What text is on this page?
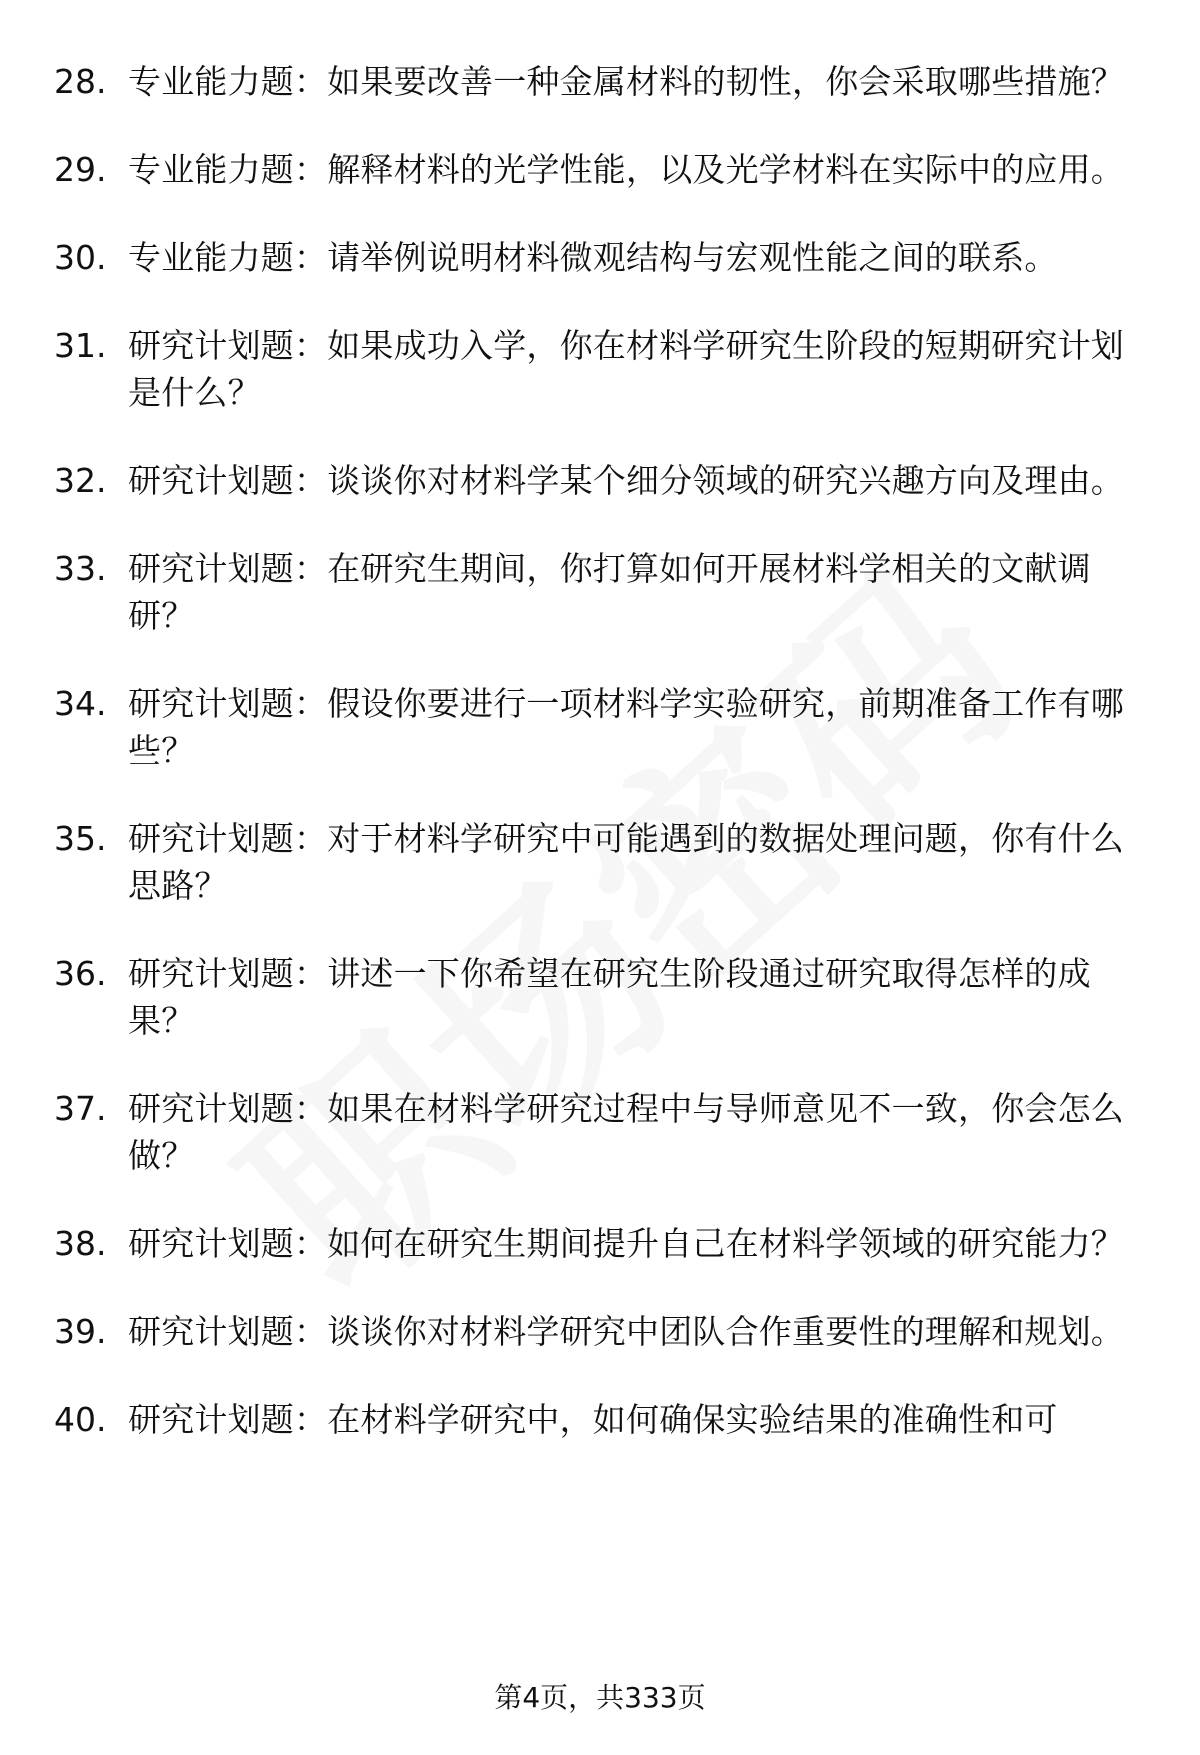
28. 专业能力题：如果要改善一种金属材料的韧性，你会采取哪些措施？
29. 专业能力题：解释材料的光学性能，以及光学材料在实际中的应用。
30. 专业能力题：请举例说明材料微观结构与宏观性能之间的联系。
31. 研究计划题：如果成功入学，你在材料学研究生阶段的短期研究计划是什么？
32. 研究计划题：谈谈你对材料学某个细分领域的研究兴趣方向及理由。
33. 研究计划题：在研究生期间，你打算如何开展材料学相关的文献调研？
34. 研究计划题：假设你要进行一项材料学实验研究，前期准备工作有哪些？
35. 研究计划题：对于材料学研究中可能遇到的数据处理问题，你有什么思路？
36. 研究计划题：讲述一下你希望在研究生阶段通过研究取得怎样的成果？
37. 研究计划题：如果在材料学研究过程中与导师意见不一致，你会怎么做？
38. 研究计划题：如何在研究生期间提升自己在材料学领域的研究能力？
39. 研究计划题：谈谈你对材料学研究中团队合作重要性的理解和规划。
40. 研究计划题：在材料学研究中，如何确保实验结果的准确性和可
第4页，共333页
